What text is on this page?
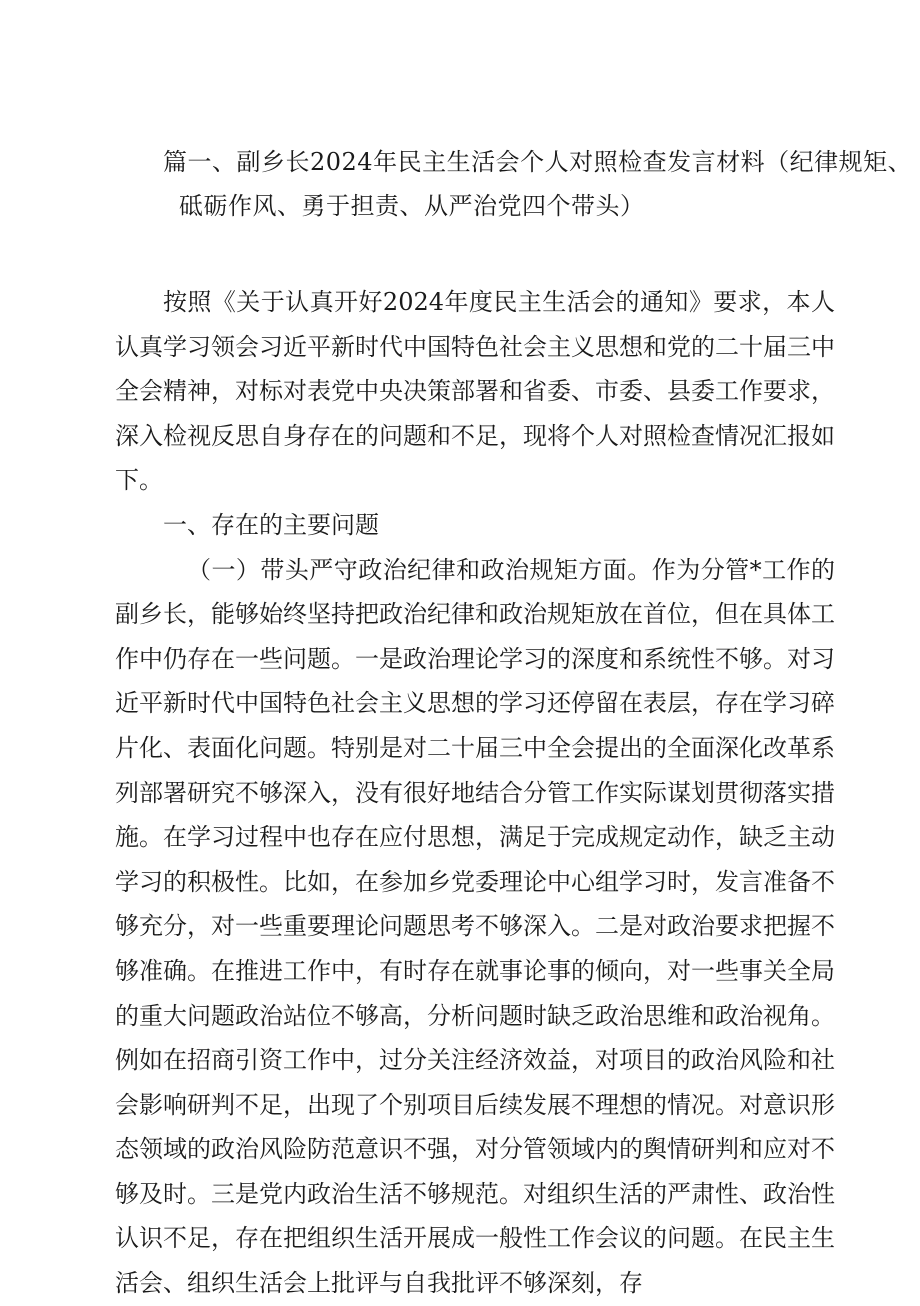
篇一、副乡长2024年民主生活会个人对照检查发言材料（纪律规矩、
砥砺作风、勇于担责、从严治党四个带头）

按照《关于认真开好2024年度民主生活会的通知》要求，本人认真学习领会习近平新时代中国特色社会主义思想和党的二十届三中全会精神，对标对表党中央决策部署和省委、市委、县委工作要求，深入检视反思自身存在的问题和不足，现将个人对照检查情况汇报如下。

一、存在的主要问题

（一）带头严守政治纪律和政治规矩方面。作为分管*工作的副乡长，能够始终坚持把政治纪律和政治规矩放在首位，但在具体工作中仍存在一些问题。一是政治理论学习的深度和系统性不够。对习近平新时代中国特色社会主义思想的学习还停留在表层，存在学习碎片化、表面化问题。特别是对二十届三中全会提出的全面深化改革系列部署研究不够深入，没有很好地结合分管工作实际谋划贯彻落实措施。在学习过程中也存在应付思想，满足于完成规定动作，缺乏主动学习的积极性。比如，在参加乡党委理论中心组学习时，发言准备不够充分，对一些重要理论问题思考不够深入。二是对政治要求把握不够准确。在推进工作中，有时存在就事论事的倾向，对一些事关全局的重大问题政治站位不够高，分析问题时缺乏政治思维和政治视角。例如在招商引资工作中，过分关注经济效益，对项目的政治风险和社会影响研判不足，出现了个别项目后续发展不理想的情况。对意识形态领域的政治风险防范意识不强，对分管领域内的舆情研判和应对不够及时。三是党内政治生活不够规范。对组织生活的严肃性、政治性认识不足，存在把组织生活开展成一般性工作会议的问题。在民主生活会、组织生活会上批评与自我批评不够深刻，存
